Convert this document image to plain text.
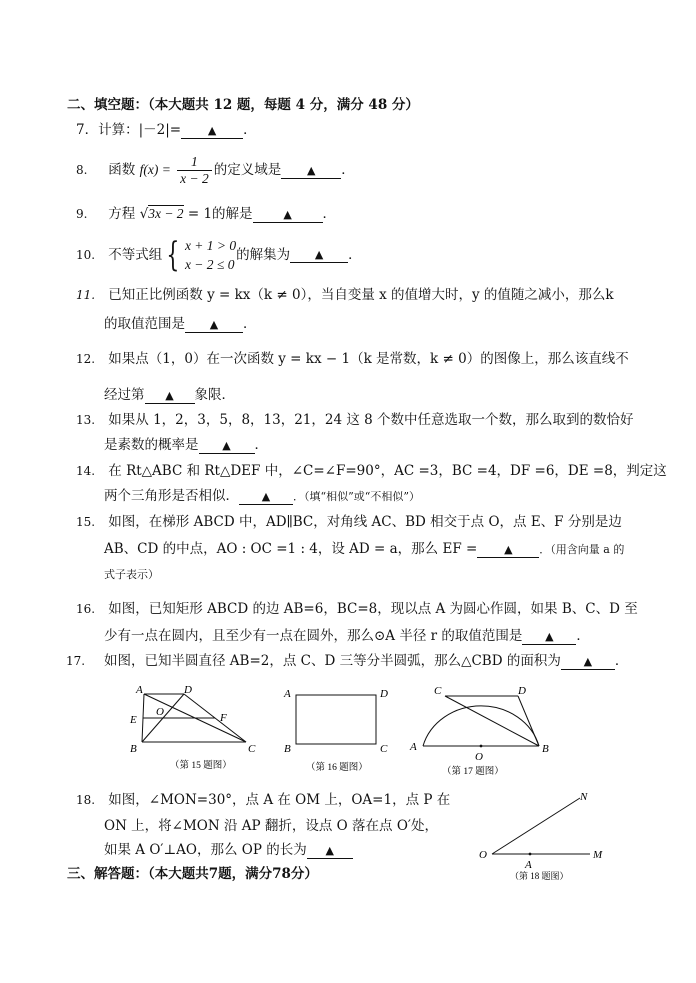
二、填空题：（本大题共 12 题，每题 4 分，满分 48 分）
7．计算：|－2|= ▲ ．
8. 函数 $f(x) = \frac{1}{x - 2}$ 的定义域是 ▲ ．
9. 方程 √3x − 2 = 1的解是	▲ ．
10. 不等式组 { x + 1 > 0
x − 2 ≤ 0
的解集为 ▲ ．
11. 已知正比例函数 y = kx（k ≠ 0），当自变量 x 的值增大时，y 的值随之减小，那么k
的取值范围是 ▲ ．
12. 如果点（1，0）在一次函数 y = kx − 1（k 是常数，k ≠ 0）的图像上，那么该直线不
经过第 ▲ 象限．
13. 如果从 1，2，3，5，8，13，21，24 这 8 个数中任意选取一个数，那么取到的数恰好
是素数的概率是 ▲ ．
14. 在 Rt△ABC 和 Rt△DEF 中，∠C=∠F=90°，AC =3，BC =4，DF =6，DE =8，判定这
两个三角形是否相似． ▲ ．（填“相似”或“不相似”）
15. 如图，在梯形 ABCD 中，AD∥BC，对角线 AC、BD 相交于点 O，点 E、F 分别是边
AB、CD 的中点，AO : OC =1 : 4，设 AD = a，那么 EF = ▲ ．（用含向量 a 的
式子表示）
16. 如图，已知矩形 ABCD 的边 AB=6，BC=8，现以点 A 为圆心作圆，如果 B、C、D 至
少有一点在圆内，且至少有一点在圆外，那么⊙A 半径 r 的取值范围是 ▲ ．
17. 如图，已知半圆直径 AB=2，点 C、D 三等分半圆弧，那么△CBD 的面积为 ▲ ．
A	D
E
O	F
B	C
（第 15 题图）
A	D
B	C
（第 16 题图）
C	D
A	B
O
（第 17 题图）
18. 如图，∠MON=30°，点 A 在 OM 上，OA=1，点 P 在
ON 上，将∠MON 沿 AP 翻折，设点 O 落在点 O′处，
如果 A O′⊥AO，那么 OP 的长为 ▲
N
O
A
M
（第 18 题图）
三、解答题：（本大题共7题，满分78分）
